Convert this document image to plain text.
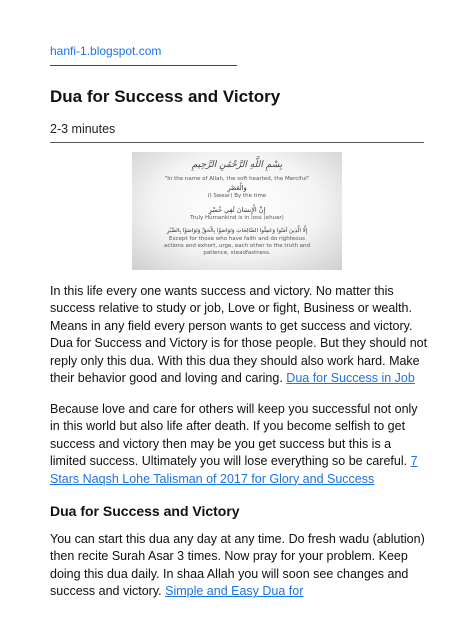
hanfi-1.blogspot.com
Dua for Success and Victory
2-3 minutes
بِسْمِ اللَّهِ الرَّحْمَٰنِ الرَّحِيمِ
"In the name of Allah, the soft hearted, the Merciful"
وَالْعَصْرِ
(I Swear) By the time
إِنَّ الْإِنسَانَ لَفِي خُسْرٍ
Truly Humankind is in loss (ehuar)
إِلَّا الَّذِينَ آمَنُوا وَعَمِلُوا الصَّالِحَاتِ وَتَوَاصَوْا بِالْحَقِّ وَتَوَاصَوْا بِالصَّبْرِ
Except for those who have faith and do righteous
actions and exhort, urge, each other to the truth and
patience, steadfastness.

In this life every one wants success and victory. No matter this success relative to study or job, Love or fight, Business or wealth. Means in any field every person wants to get success and victory. Dua for Success and Victory is for those people. But they should not reply only this dua. With this dua they should also work hard. Make their behavior good and loving and caring. Dua for Success in Job

Because love and care for others will keep you successful not only in this world but also life after death. If you become selfish to get success and victory then may be you get success but this is a limited success. Ultimately you will lose everything so be careful. 7 Stars Naqsh Lohe Talisman of 2017 for Glory and Success

Dua for Success and Victory

You can start this dua any day at any time. Do fresh wadu (ablution) then recite Surah Asar 3 times. Now pray for your problem. Keep doing this dua daily. In shaa Allah you will soon see changes and success and victory. Simple and Easy Dua for
